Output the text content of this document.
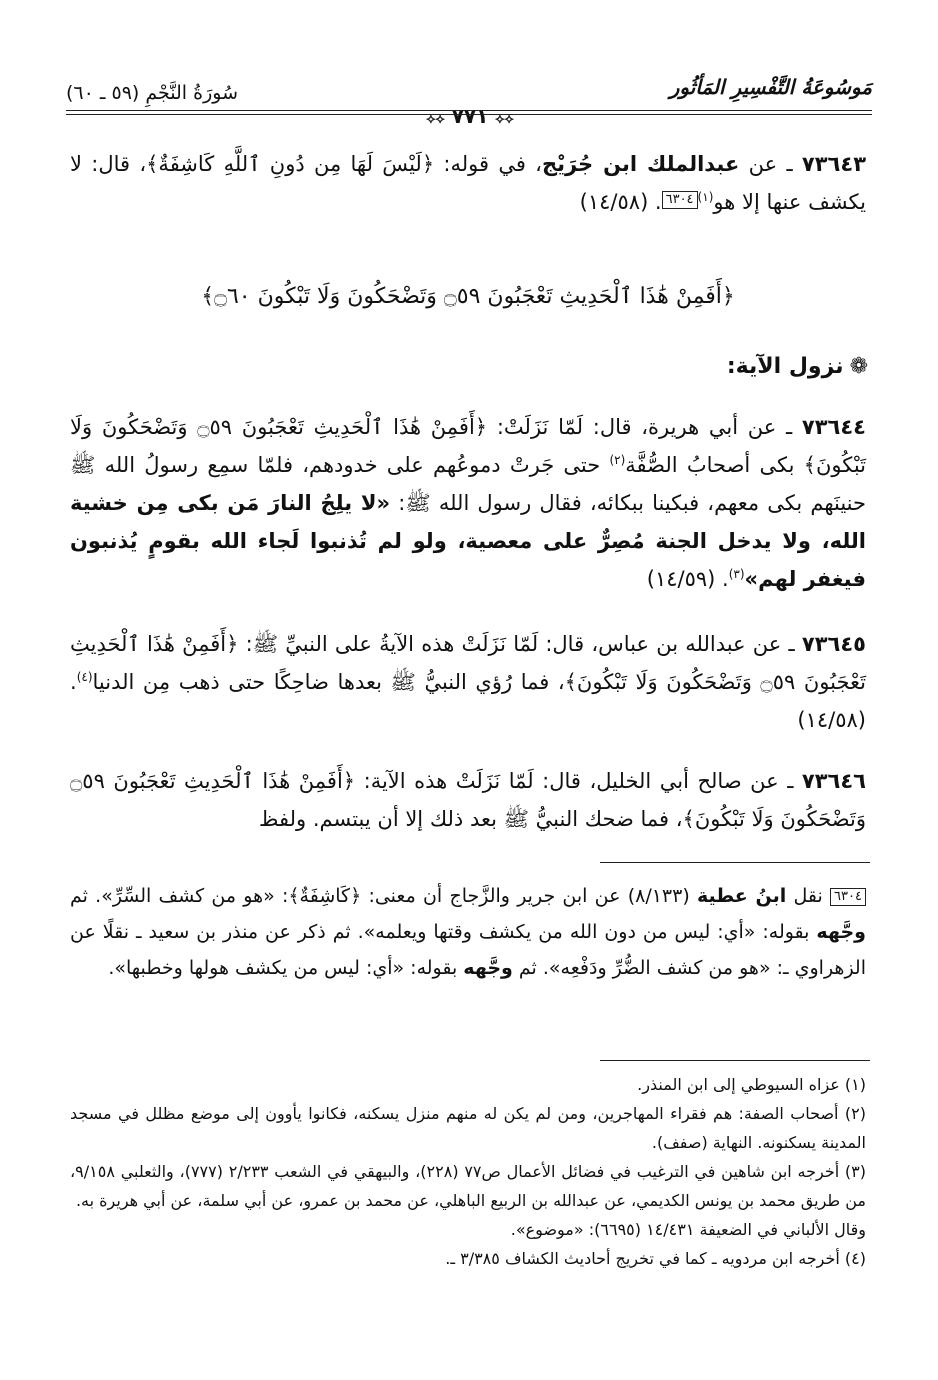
مَوسُوعَةُ التَّفْسِيرِ المَأثُور
سُورَةُ النَّجْمِ (٥٩ ـ ٦٠)
⟡⟡ ٧٧١ ⟡⟡
٧٣٦٤٣ ـ عن عبدالملك ابن جُرَيْج، في قوله: ﴿لَيْسَ لَهَا مِن دُونِ ٱللَّهِ كَاشِفَةٌ﴾، قال: لا يكشف عنها إلا هو$^{(١)}$٦٣٠٤. (١٤/٥٨)
﴿أَفَمِنْ هَٰذَا ٱلْحَدِيثِ تَعْجَبُونَ ۝٥٩ وَتَضْحَكُونَ وَلَا تَبْكُونَ ۝٦٠﴾
❁نزول الآية:
٧٣٦٤٤ ـ عن أبي هريرة، قال: لَمّا نَزَلَتْ: ﴿أَفَمِنْ هَٰذَا ٱلْحَدِيثِ تَعْجَبُونَ ۝٥٩ وَتَضْحَكُونَ وَلَا تَبْكُونَ﴾ بكى أصحابُ الصُّفَّة$^{(٢)}$ حتى جَرتْ دموعُهم على خدودهم، فلمّا سمِع رسولُ الله ﷺ حنينَهم بكى معهم، فبكينا ببكائه، فقال رسول الله ﷺ: «لا يلِجُ النارَ مَن بكى مِن خشية الله، ولا يدخل الجنة مُصِرٌّ على معصية، ولو لم تُذنبوا لَجاء الله بقومٍ يُذنبون فيغفر لهم»$^{(٣)}$. (١٤/٥٩)
٧٣٦٤٥ ـ عن عبدالله بن عباس، قال: لَمّا نَزَلَتْ هذه الآيةُ على النبيِّ ﷺ: ﴿أَفَمِنْ هَٰذَا ٱلْحَدِيثِ تَعْجَبُونَ ۝٥٩ وَتَضْحَكُونَ وَلَا تَبْكُونَ﴾، فما رُؤي النبيُّ ﷺ بعدها ضاحِكًا حتى ذهب مِن الدنيا$^{(٤)}$. (١٤/٥٨)
٧٣٦٤٦ ـ عن صالح أبي الخليل، قال: لَمّا نَزَلَتْ هذه الآية: ﴿أَفَمِنْ هَٰذَا ٱلْحَدِيثِ تَعْجَبُونَ ۝٥٩ وَتَضْحَكُونَ وَلَا تَبْكُونَ﴾، فما ضحك النبيُّ ﷺ بعد ذلك إلا أن يبتسم. ولفظ
٦٣٠٤ نقل ابنُ عطية (٨/١٣٣) عن ابن جرير والزَّجاج أن معنى: ﴿كَاشِفَةٌ﴾: «هو من كشف السِّرِّ». ثم وجَّهه بقوله: «أي: ليس من دون الله من يكشف وقتها ويعلمه». ثم ذكر عن منذر بن سعيد ـ نقلًا عن الزهراوي ـ: «هو من كشف الضُّرِّ ودَفْعِه». ثم وجَّهه بقوله: «أي: ليس من يكشف هولها وخطبها».
(١) عزاه السيوطي إلى ابن المنذر.
(٢) أصحاب الصفة: هم فقراء المهاجرين، ومن لم يكن له منهم منزل يسكنه، فكانوا يأوون إلى موضع مظلل في مسجد المدينة يسكنونه. النهاية (صفف).
(٣) أخرجه ابن شاهين في الترغيب في فضائل الأعمال ص٧٧ (٢٢٨)، والبيهقي في الشعب ٢/٢٣٣ (٧٧٧)، والثعلبي ٩/١٥٨، من طريق محمد بن يونس الكديمي، عن عبدالله بن الربيع الباهلي، عن محمد بن عمرو، عن أبي سلمة، عن أبي هريرة به.
وقال الألباني في الضعيفة ١٤/٤٣١ (٦٦٩٥): «موضوع».
(٤) أخرجه ابن مردويه ـ كما في تخريج أحاديث الكشاف ٣/٣٨٥ ـ.
